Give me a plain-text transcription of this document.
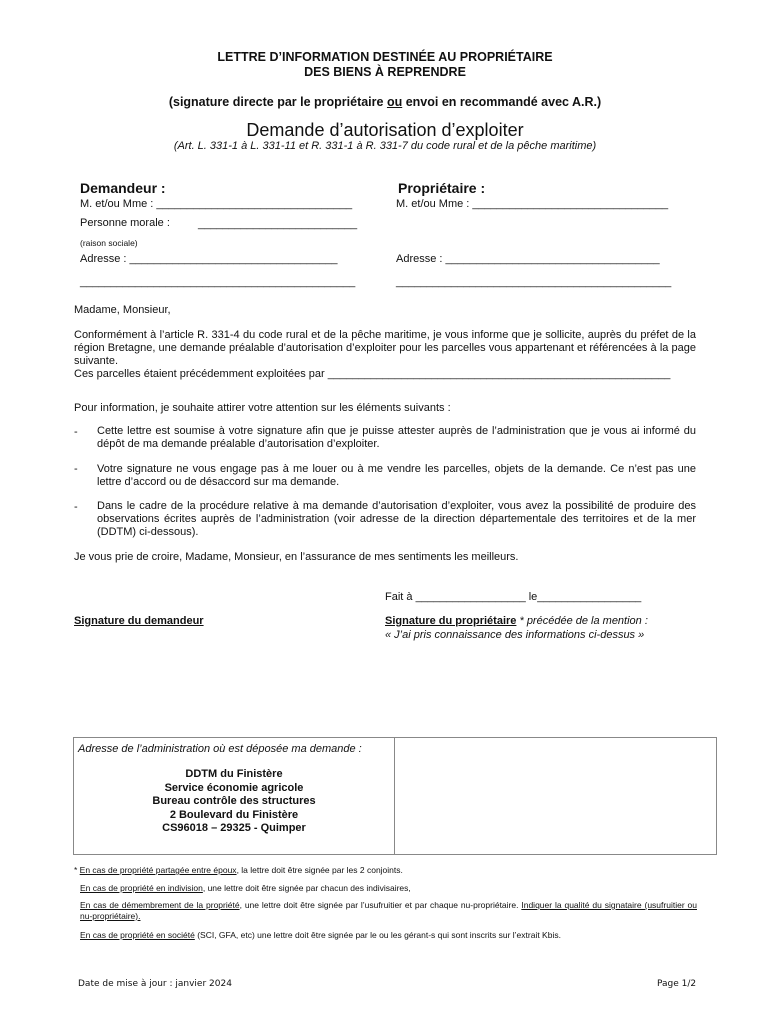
LETTRE D’INFORMATION DESTINÉE AU PROPRIÉTAIRE
DES BIENS À REPRENDRE
(signature directe par le propriétaire ou envoi en recommandé avec A.R.)
Demande d’autorisation d’exploiter
(Art. L. 331-1 à L. 331-11 et R. 331-1 à R. 331-7 du code rural et de la pêche maritime)
Demandeur :
M. et/ou Mme : ________________________________
Personne morale :	__________________________
(raison sociale)
Adresse : __________________________________
_____________________________________________
Propriétaire :
M. et/ou Mme : ________________________________
Adresse : ___________________________________
_____________________________________________
Madame, Monsieur,
Conformément à l’article R. 331-4 du code rural et de la pêche maritime, je vous informe que je sollicite, auprès du préfet de la région Bretagne, une demande préalable d’autorisation d’exploiter pour les parcelles vous appartenant et référencées à la page suivante.
Ces parcelles étaient précédemment exploitées par ________________________________________________________
Pour information, je souhaite attirer votre attention sur les éléments suivants :
- Cette lettre est soumise à votre signature afin que je puisse attester auprès de l’administration que je vous ai informé du dépôt de ma demande préalable d’autorisation d’exploiter.
- Votre signature ne vous engage pas à me louer ou à me vendre les parcelles, objets de la demande. Ce n’est pas une lettre d’accord ou de désaccord sur ma demande.
- Dans le cadre de la procédure relative à ma demande d’autorisation d’exploiter, vous avez la possibilité de produire des observations écrites auprès de l’administration (voir adresse de la direction départementale des territoires et de la mer (DDTM) ci-dessous).
Je vous prie de croire, Madame, Monsieur, en l’assurance de mes sentiments les meilleurs.
Fait à __________________ le_________________
Signature du demandeur	Signature du propriétaire * précédée de la mention :
« J’ai pris connaissance des informations ci-dessus »
Adresse de l’administration où est déposée ma demande :
DDTM du Finistère
Service économie agricole
Bureau contrôle des structures
2 Boulevard du Finistère
CS96018 – 29325 - Quimper
* En cas de propriété partagée entre époux, la lettre doit être signée par les 2 conjoints.
En cas de propriété en indivision, une lettre doit être signée par chacun des indivisaires,
En cas de démembrement de la propriété, une lettre doit être signée par l’usufruitier et par chaque nu-propriétaire. Indiquer la qualité du signataire (usufruitier ou nu-propriétaire).
En cas de propriété en société (SCI, GFA, etc) une lettre doit être signée par le ou les gérant-s qui sont inscrits sur l’extrait Kbis.
Date de mise à jour : janvier 2024	Page 1/2
